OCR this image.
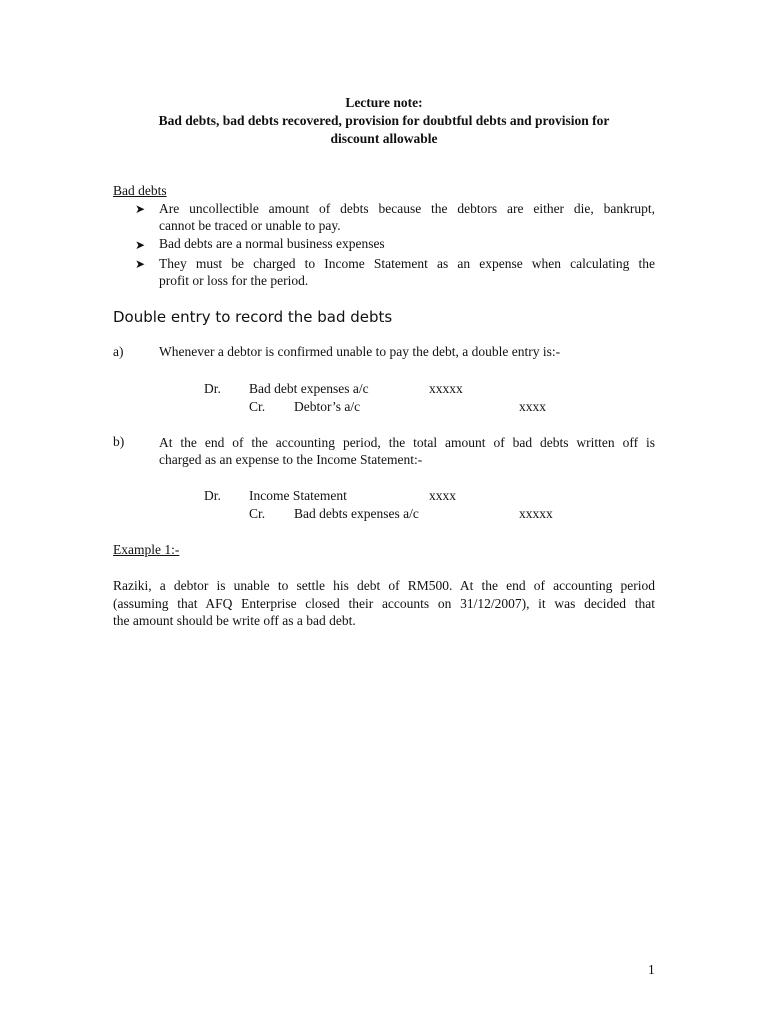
Lecture note:
Bad debts, bad debts recovered, provision for doubtful debts and provision for
discount allowable
Bad debts
➤ Are uncollectible amount of debts because the debtors are either die, bankrupt,
cannot be traced or unable to pay.
➤ Bad debts are a normal business expenses
➤ They must be charged to Income Statement as an expense when calculating the
profit or loss for the period.
Double entry to record the bad debts
a)	Whenever a debtor is confirmed unable to pay the debt, a double entry is:-
Dr. Bad debt expenses a/c	xxxxx
Cr. Debtor’s a/c	xxxx
b)	At the end of the accounting period, the total amount of bad debts written off is
charged as an expense to the Income Statement:-
Dr. Income Statement	xxxx
Cr. Bad debts expenses a/c	xxxxx
Example 1:-
Raziki, a debtor is unable to settle his debt of RM500. At the end of accounting period
(assuming that AFQ Enterprise closed their accounts on 31/12/2007), it was decided that
the amount should be write off as a bad debt.
1
